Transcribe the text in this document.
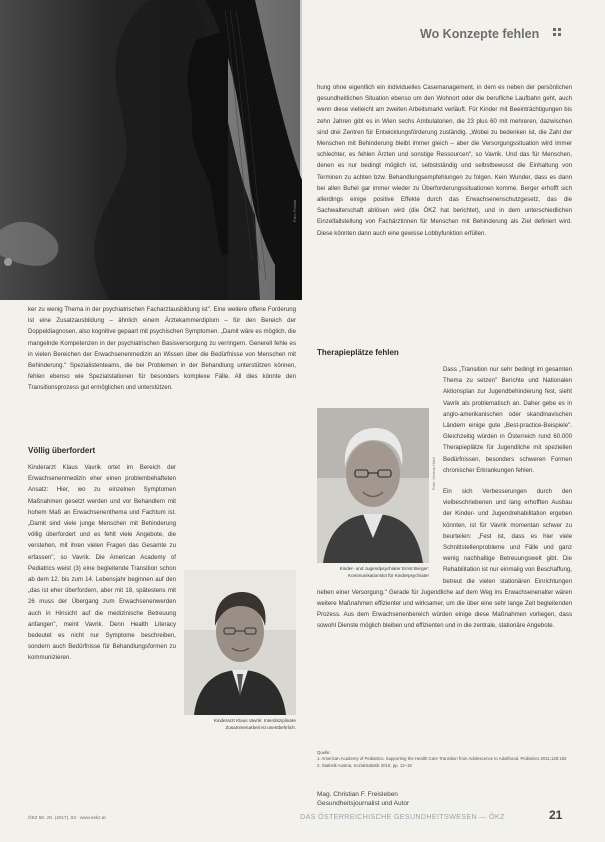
Foto: Fotolia
Wo Konzepte fehlen

ker zu wenig Thema in der psychiatrischen Facharztausbildung ist". Eine weitere offene Forderung ist eine Zusatzausbildung – ähnlich einem Ärztekammerdiplom – für den Bereich der Doppeldiagnosen, also kognitive gepaart mit psychischen Symptomen. „Damit wäre es möglich, die mangelnde Kompetenzen in der psychiatrischen Basisversorgung zu verringern. Generell fehle es in vielen Bereichen der Erwachsenenmedizin an Wissen über die Bedürfnisse von Menschen mit Behinderung." Spezialistenteams, die bei Problemen in der Behandlung unterstützen können, fehlen ebenso wie Spezialstationen für besonders komplexe Fälle. All dies könnte den Transitionsprozess gut ermöglichen und unterstützen.

Völlig überfordert

Kinderarzt Klaus Vavrik ortet im Bereich der Erwachsenenmedizin eher einen problembehafteten Ansatz: Hier, wo zu einzelnen Symptomen Maßnahmen gesetzt werden und vor Behandlern mit hohem Maß an Erwachsenenthema und Fachtum ist. „Damit sind viele junge Menschen mit Behinderung völlig überfordert und es fehlt viele Angebote, die verstehen, mit ihren vielen Fragen das Gesamte zu erfassen", so Vavrik. Die American Academy of Pediatrics weist (3) eine begleitende Transition schon ab dem 12. bis zum 14. Lebensjahr beginnen auf den „das ist eher überfordern, aber mit 18, spätestens mit 26 muss der Übergang zum Erwachsenenwerden auch in Hinsicht auf die medizinische Betreuung anfangen", meint Vavrik. Denn Health Literacy bedeutet es nicht nur Symptome beschreiben, sondern auch Bedürfnisse für Behandlungsformen zu kommunizieren.

Kinderarzt Klaus Vavrik: Interdisziplinäre Zusammenarbeit ist unentbehrlich.

hung ohne eigentlich ein individuelles Casemanagement, in dem es neben der persönlichen gesundheitlichen Situation ebenso um den Wohnort oder die berufliche Laufbahn geht, auch wenn diese vielleicht am zweiten Arbeitsmarkt verläuft. Für Kinder mit Beeinträchtigungen bis zehn Jahren gibt es in Wien sechs Ambulatorien, die 23 plus 60 mit mehreren, dazwischen sind drei Zentren für Entwicklungsförderung zuständig. „Wobei zu bedenken ist, die Zahl der Menschen mit Behinderung bleibt immer gleich – aber die Versorgungssituation wird immer schlechter, es fehlen Ärzten und sonstige Ressourcen", so Vavrik. Und das für Menschen, denen es nur bedingt möglich ist, selbstständig und selbstbewusst die Einhaltung von Terminen zu achten bzw. Behandlungsempfehlungen zu folgen. Kein Wunder, dass es dann bei allen Buhel gar immer wieder zu Überforderungssituationen komme. Berger erhofft sich allerdings einige positive Effekte durch das Erwachsenenschutzgesetz, das die Sachwalterschaft ablösen wird (die ÖKZ hat berichtet), und in dem unterschiedlichen Einzelfallstellung von Fachärztinnen für Menschen mit Behinderung als Ziel definiert wird. Diese könnten dann auch eine gewisse Lobbyfunktion erfüllen.

Therapieplätze fehlen
Foto: Verena Hölzl
Kinder- und Jugendpsychiater Ernst Berger: Kommunikationslot für Kinderpsychiater

Dass „Transition nur sehr bedingt im gesamten Thema zu setzen" Berichte und Nationalen Aktionsplan zur Jugendbehinderung fest, sieht Vavrik als problematisch an. Daher gebe es in anglo-amerikanischen oder skandinavischen Ländern einige gute „Best-practice-Beispiele". Gleichzeitig würden in Österreich rund 60.000 Therapieplätze für Jugendliche mit speziellen Bedürfnissen, besonders schweren Formen chronischer Erkrankungen fehlen.

Ein sich Verbesserungen durch den vielbeschriebenen und lang erhofften Ausbau der Kinder- und Jugendrehabilitation ergeben könnten, ist für Vavrik momentan schwer zu beurteilen: „Fest ist, dass es hier viele Schnittstellenprobleme und Fälle und ganz wenig nachhaltige Betreuungswelt gibt. Die Rehabilitation ist nur einmalig von Beschaffung, betreut die vielen stationären Einrichtungen neben einer Versorgung." Gerade für Jugendliche auf dem Weg ins Erwachsenenalter wären weitere Maßnahmen effizienter und wirksamer, um die über eine sehr lange Zeit begleitenden Prozess. Aus dem Erwachsenenbereich würden einige diese Maßnahmen vorliegen, dass sowohl Dienste möglich bleiben und effizienten und in die zentrale, stationäre Angebote.

Quelle:
1. American Academy of Pediatrics. Supporting the Health Care Transition from Adolescence to Adulthood. Pediatrics 2011;128:182
2. Statistik Austria, Sozialstatistik 2015, pp. 12–15
Mag. Christian F. Freisleben
Gesundheitsjournalist und Autor
ÖKZ 58. JG. (2017), 03 · www.oekz.at	DAS ÖSTERREICHISCHE GESUNDHEITSWESEN — ÖKZ	21
